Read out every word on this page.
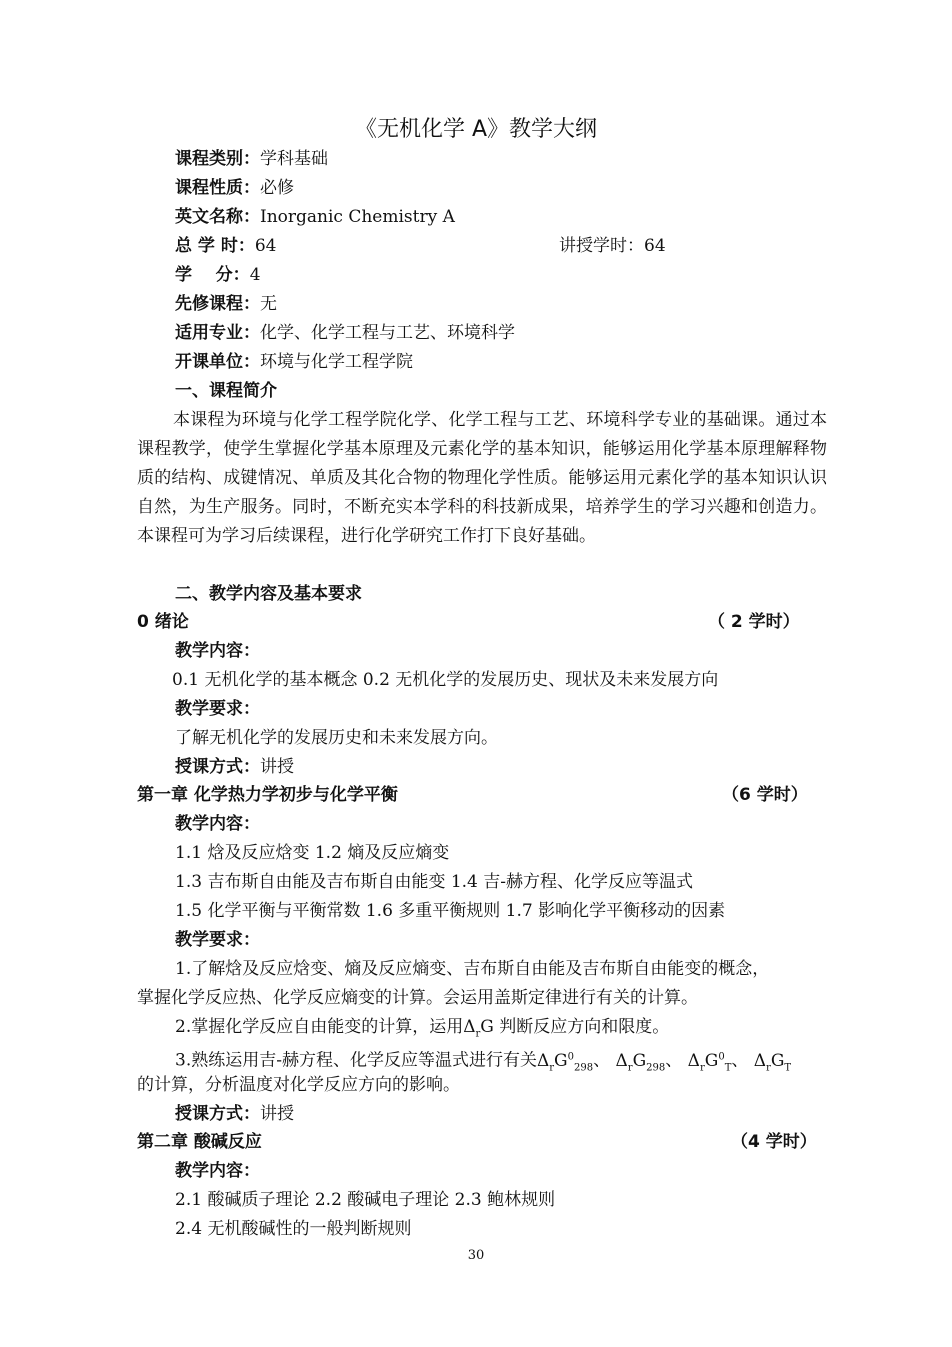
《无机化学 A》教学大纲
课程类别：学科基础
课程性质：必修
英文名称：Inorganic Chemistry A
总 学 时：64	讲授学时：64
学    分：4
先修课程：无
适用专业：化学、化学工程与工艺、环境科学
开课单位：环境与化学工程学院
一、课程简介

本课程为环境与化学工程学院化学、化学工程与工艺、环境科学专业的基础课。通过本课程教学，使学生掌握化学基本原理及元素化学的基本知识，能够运用化学基本原理解释物质的结构、成键情况、单质及其化合物的物理化学性质。能够运用元素化学的基本知识认识自然，为生产服务。同时，不断充实本学科的科技新成果，培养学生的学习兴趣和创造力。本课程可为学习后续课程，进行化学研究工作打下良好基础。

二、教学内容及基本要求
0 绪论	（ 2 学时）
教学内容：
0.1 无机化学的基本概念 0.2 无机化学的发展历史、现状及未来发展方向
教学要求：
了解无机化学的发展历史和未来发展方向。
授课方式：讲授
第一章 化学热力学初步与化学平衡	（6 学时）
教学内容：
1.1 焓及反应焓变 1.2 熵及反应熵变
1.3 吉布斯自由能及吉布斯自由能变 1.4 吉-赫方程、化学反应等温式
1.5 化学平衡与平衡常数 1.6 多重平衡规则 1.7 影响化学平衡移动的因素
教学要求：
1.了解焓及反应焓变、熵及反应熵变、吉布斯自由能及吉布斯自由能变的概念，
掌握化学反应热、化学反应熵变的计算。会运用盖斯定律进行有关的计算。
2.掌握化学反应自由能变的计算，运用$\Delta_rG$ 判断反应方向和限度。
3.熟练运用吉-赫方程、化学反应等温式进行有关$\Delta_rG^0_{298}$、 $\Delta_rG_{298}$、 $\Delta_rG^0_T$、 $\Delta_rG_T$
的计算，分析温度对化学反应方向的影响。
授课方式：讲授
第二章 酸碱反应	（4 学时）
教学内容：
2.1 酸碱质子理论 2.2 酸碱电子理论 2.3 鲍林规则
2.4 无机酸碱性的一般判断规则
30
